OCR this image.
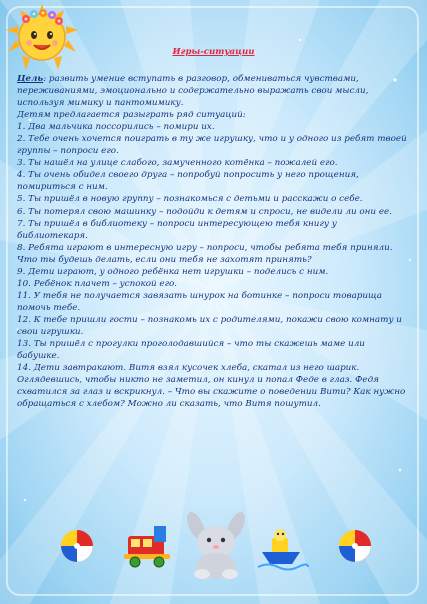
Игры-ситуации

Цель: развить умение вступать в разговор, обмениваться чувствами, переживаниями, эмоционально и содержательно выражать свои мысли, используя мимику и пантомимику.

Детям предлагается разыграть ряд ситуаций:

1. Два мальчика поссорились – помири их.

2. Тебе очень хочется поиграть в ту же игрушку, что и у одного из ребят твоей группы – попроси его.

3. Ты нашёл на улице слабого, замученного котёнка – пожалей его.

4. Ты очень обидел своего друга – попробуй попросить у него прощения, помириться с ним.

5. Ты пришёл в новую группу – познакомься с детьми и расскажи о себе.

6. Ты потерял свою машинку – подойди к детям и спроси, не видели ли они ее.

7. Ты пришёл в библиотеку – попроси интересующею тебя книгу у библиотекаря.

8. Ребята играют в интересную игру – попроси, чтобы ребята тебя приняли. Что ты будешь делать, если они тебя не захотят принять?

9. Дети играют, у одного ребёнка нет игрушки – поделись с ним.

10. Ребёнок плачет – успокой его.

11. У тебя не получается завязать шнурок на ботинке – попроси товарища помочь тебе.

12. К тебе пришли гости – познакомь их с родителями, покажи свою комнату и свои игрушки.

13. Ты пришёл с прогулки проголодавшийся – что ты скажешь маме или бабушке.

14. Дети завтракают. Витя взял кусочек хлеба, скатал из него шарик. Оглядевшись, чтобы никто не заметил, он кинул и попал Феде в глаз. Федя схватился за глаз и вскрикнул. – Что вы скажите о поведении Вити? Как нужно обращаться с хлебом? Можно ли сказать, что Витя пошутил.
